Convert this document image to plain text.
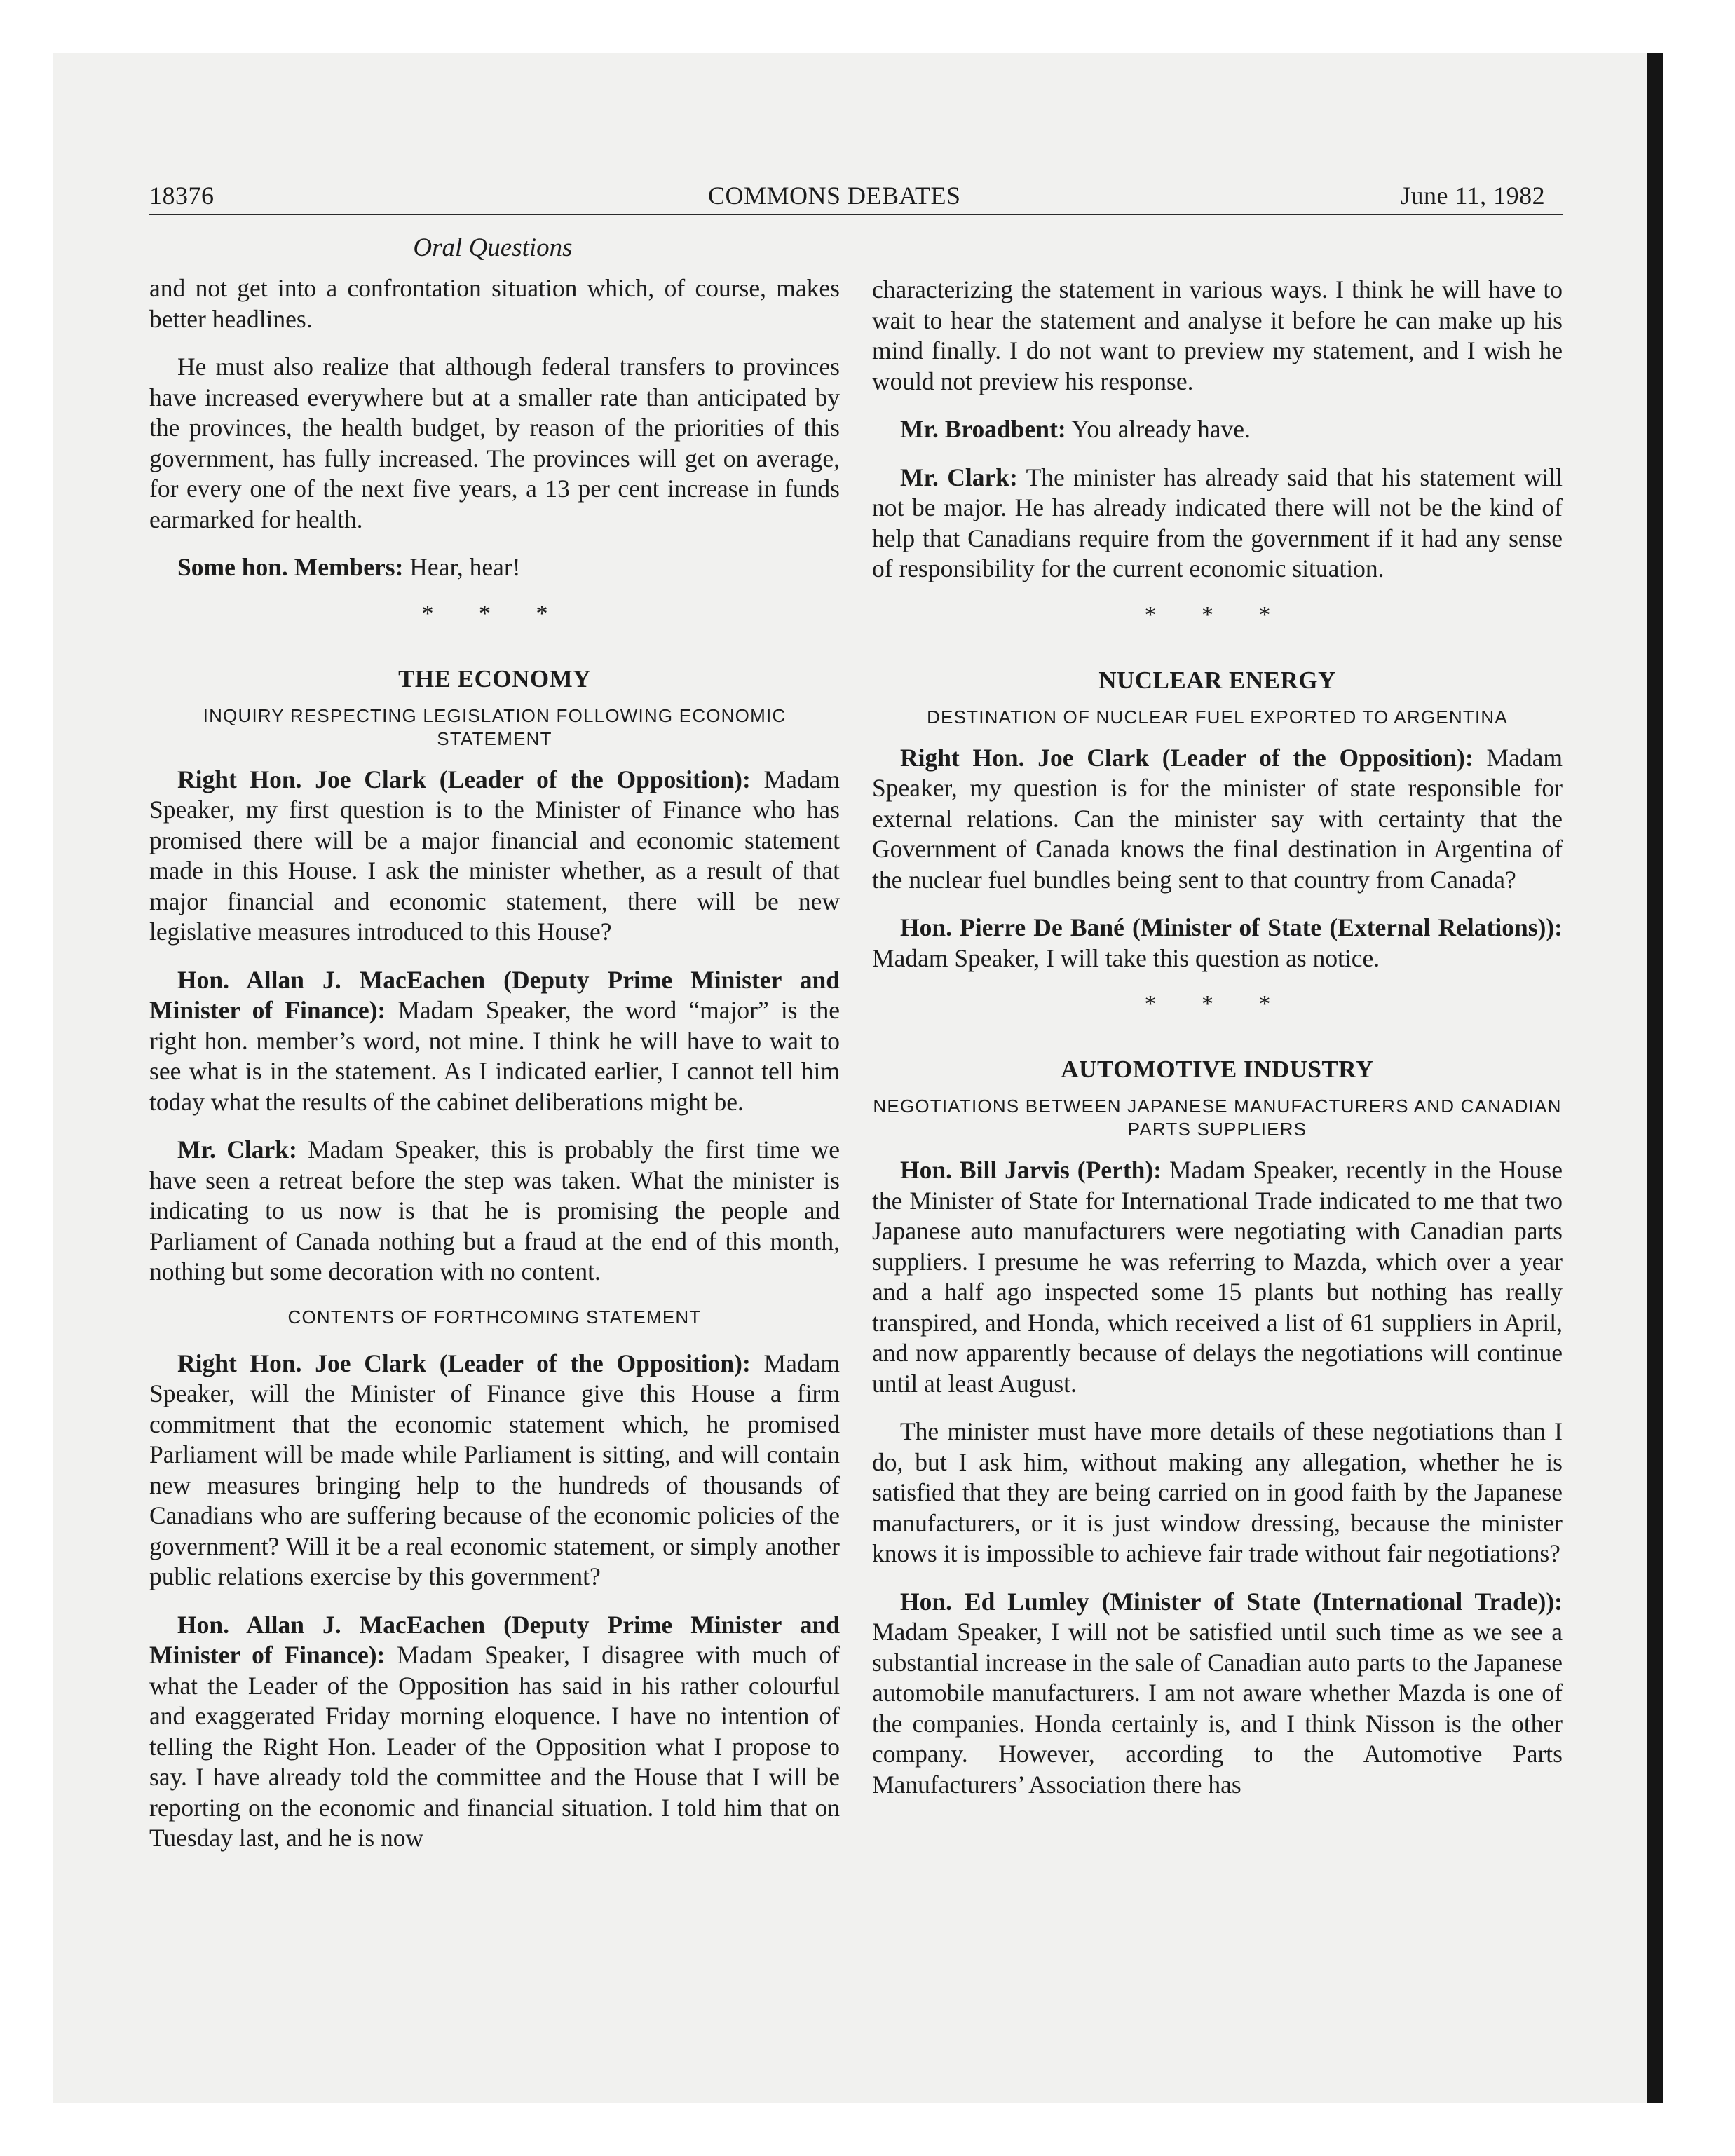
18376	COMMONS DEBATES	June 11, 1982
Oral Questions

and not get into a confrontation situation which, of course, makes better headlines.

He must also realize that although federal transfers to provinces have increased everywhere but at a smaller rate than anticipated by the provinces, the health budget, by reason of the priorities of this government, has fully increased. The provinces will get on average, for every one of the next five years, a 13 per cent increase in funds earmarked for health.

Some hon. Members: Hear, hear!

* * *
THE ECONOMY
INQUIRY RESPECTING LEGISLATION FOLLOWING ECONOMIC STATEMENT

Right Hon. Joe Clark (Leader of the Opposition): Madam Speaker, my first question is to the Minister of Finance who has promised there will be a major financial and economic statement made in this House. I ask the minister whether, as a result of that major financial and economic statement, there will be new legislative measures introduced to this House?

Hon. Allan J. MacEachen (Deputy Prime Minister and Minister of Finance): Madam Speaker, the word “major” is the right hon. member’s word, not mine. I think he will have to wait to see what is in the statement. As I indicated earlier, I cannot tell him today what the results of the cabinet deliberations might be.

Mr. Clark: Madam Speaker, this is probably the first time we have seen a retreat before the step was taken. What the minister is indicating to us now is that he is promising the people and Parliament of Canada nothing but a fraud at the end of this month, nothing but some decoration with no content.

CONTENTS OF FORTHCOMING STATEMENT

Right Hon. Joe Clark (Leader of the Opposition): Madam Speaker, will the Minister of Finance give this House a firm commitment that the economic statement which, he promised Parliament will be made while Parliament is sitting, and will contain new measures bringing help to the hundreds of thousands of Canadians who are suffering because of the economic policies of the government? Will it be a real economic statement, or simply another public relations exercise by this government?

Hon. Allan J. MacEachen (Deputy Prime Minister and Minister of Finance): Madam Speaker, I disagree with much of what the Leader of the Opposition has said in his rather colourful and exaggerated Friday morning eloquence. I have no intention of telling the Right Hon. Leader of the Opposition what I propose to say. I have already told the committee and the House that I will be reporting on the economic and financial situation. I told him that on Tuesday last, and he is now

characterizing the statement in various ways. I think he will have to wait to hear the statement and analyse it before he can make up his mind finally. I do not want to preview my statement, and I wish he would not preview his response.

Mr. Broadbent: You already have.

Mr. Clark: The minister has already said that his statement will not be major. He has already indicated there will not be the kind of help that Canadians require from the government if it had any sense of responsibility for the current economic situation.

* * *
NUCLEAR ENERGY
DESTINATION OF NUCLEAR FUEL EXPORTED TO ARGENTINA

Right Hon. Joe Clark (Leader of the Opposition): Madam Speaker, my question is for the minister of state responsible for external relations. Can the minister say with certainty that the Government of Canada knows the final destination in Argentina of the nuclear fuel bundles being sent to that country from Canada?

Hon. Pierre De Bané (Minister of State (External Relations)): Madam Speaker, I will take this question as notice.

* * *
AUTOMOTIVE INDUSTRY
NEGOTIATIONS BETWEEN JAPANESE MANUFACTURERS AND CANADIAN PARTS SUPPLIERS

Hon. Bill Jarvis (Perth): Madam Speaker, recently in the House the Minister of State for International Trade indicated to me that two Japanese auto manufacturers were negotiating with Canadian parts suppliers. I presume he was referring to Mazda, which over a year and a half ago inspected some 15 plants but nothing has really transpired, and Honda, which received a list of 61 suppliers in April, and now apparently because of delays the negotiations will continue until at least August.

The minister must have more details of these negotiations than I do, but I ask him, without making any allegation, whether he is satisfied that they are being carried on in good faith by the Japanese manufacturers, or it is just window dressing, because the minister knows it is impossible to achieve fair trade without fair negotiations?

Hon. Ed Lumley (Minister of State (International Trade)): Madam Speaker, I will not be satisfied until such time as we see a substantial increase in the sale of Canadian auto parts to the Japanese automobile manufacturers. I am not aware whether Mazda is one of the companies. Honda certainly is, and I think Nisson is the other company. However, according to the Automotive Parts Manufacturers’ Association there has
